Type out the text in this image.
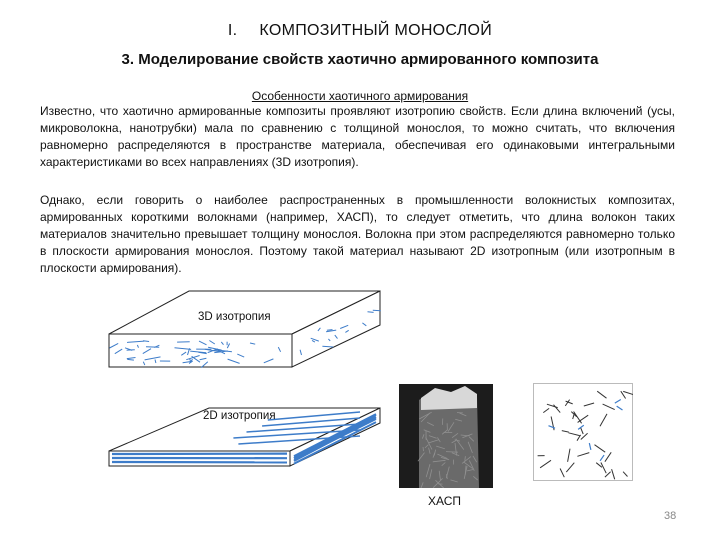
I. КОМПОЗИТНЫЙ МОНОСЛОЙ
3. Моделирование свойств хаотично армированного композита
Особенности хаотичного армирования

Известно, что хаотично армированные композиты проявляют изотропию свойств. Если длина включений (усы, микроволокна, нанотрубки) мала по сравнению с толщиной монослоя, то можно считать, что включения равномерно распределяются в пространстве материала, обеспечивая его одинаковыми интегральными характеристиками во всех направлениях (3D изотропия).

Однако, если говорить о наиболее распространенных в промышленности волокнистых композитах, армированных короткими волокнами (например, ХАСП), то следует отметить, что длина волокон таких материалов значительно превышает толщину монослоя. Волокна при этом распределяются равномерно только в плоскости армирования монослоя. Поэтому такой материал называют 2D изотропным (или изотропным в плоскости армирования).

3D изотропия
2D изотропия
ХАСП
38
